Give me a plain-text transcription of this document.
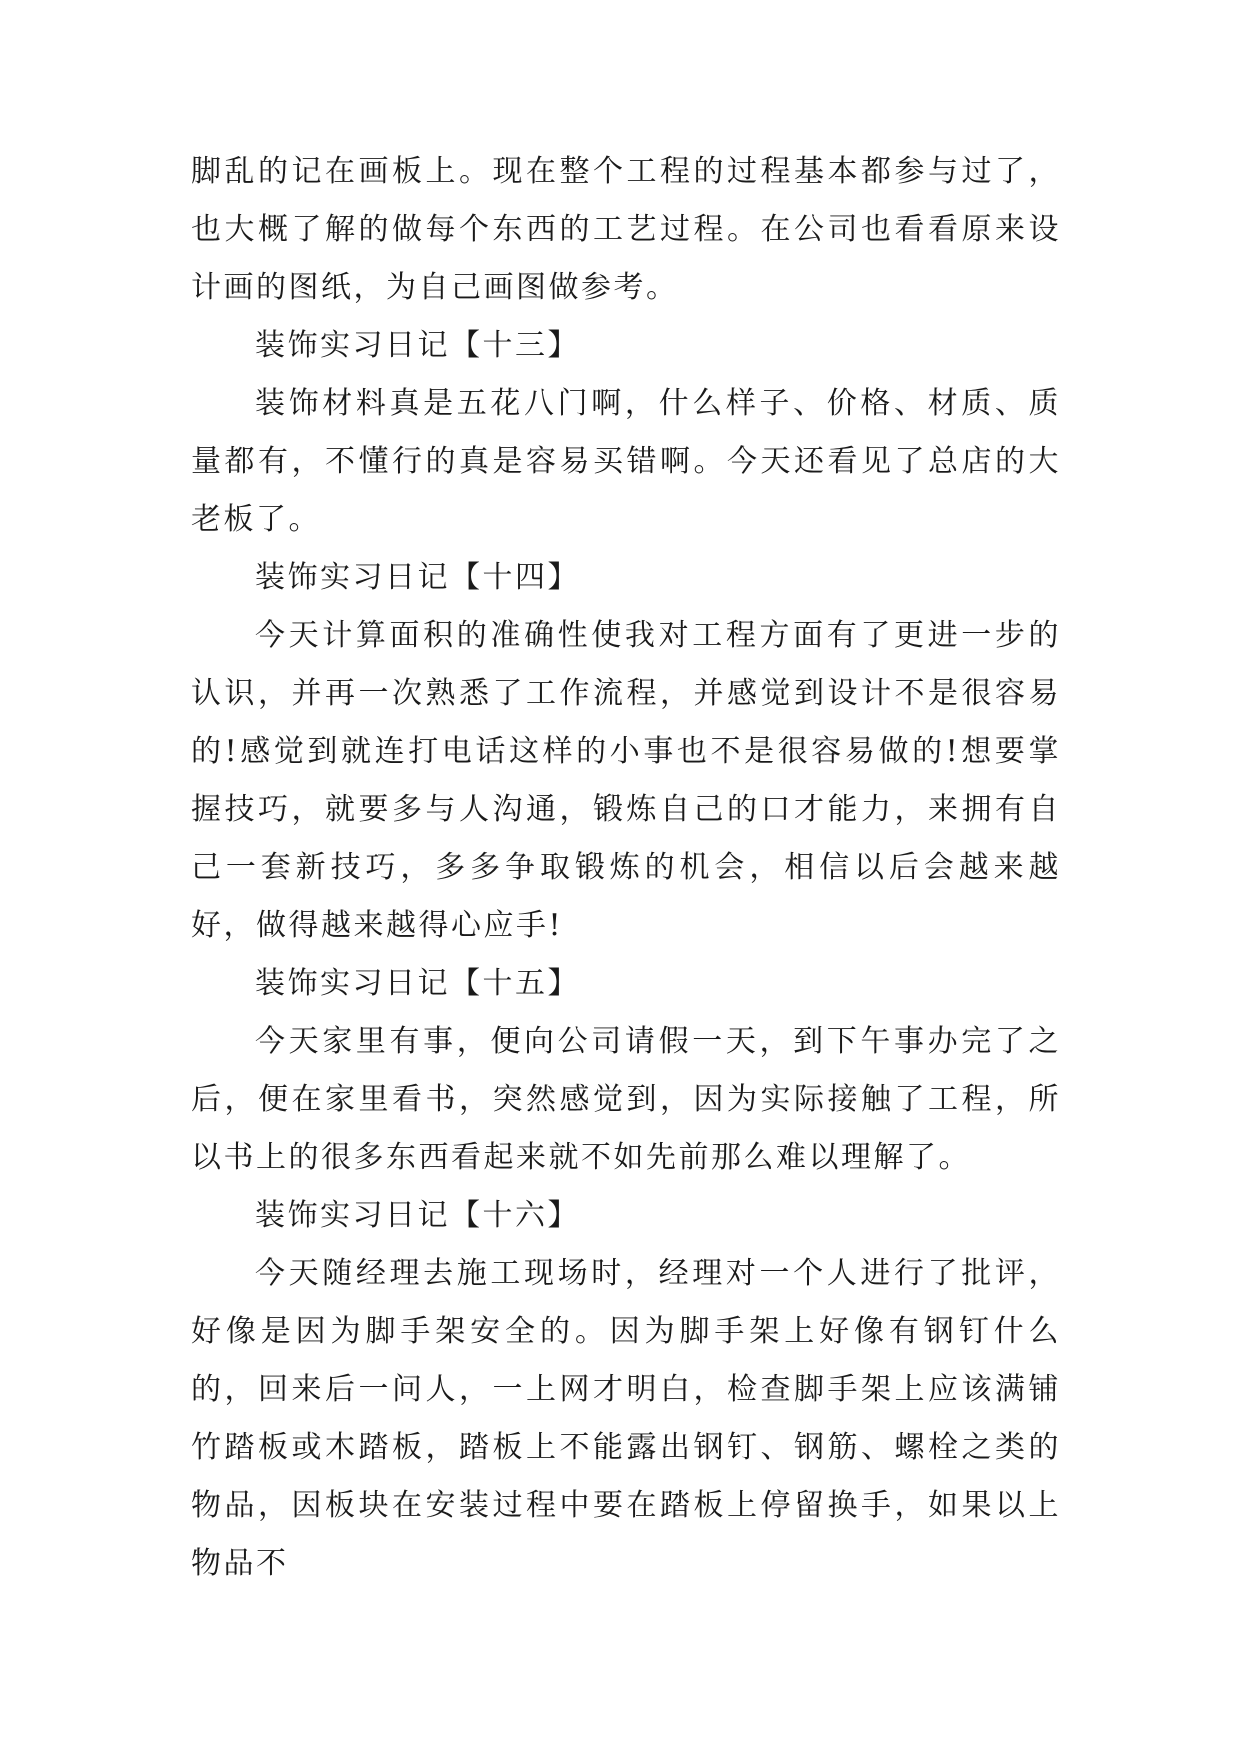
脚乱的记在画板上。现在整个工程的过程基本都参与过了，也大概了解的做每个东西的工艺过程。在公司也看看原来设计画的图纸，为自己画图做参考。

装饰实习日记【十三】

装饰材料真是五花八门啊，什么样子、价格、材质、质量都有，不懂行的真是容易买错啊。今天还看见了总店的大老板了。

装饰实习日记【十四】

今天计算面积的准确性使我对工程方面有了更进一步的认识，并再一次熟悉了工作流程，并感觉到设计不是很容易的!感觉到就连打电话这样的小事也不是很容易做的!想要掌握技巧，就要多与人沟通，锻炼自己的口才能力，来拥有自己一套新技巧，多多争取锻炼的机会，相信以后会越来越好，做得越来越得心应手!

装饰实习日记【十五】

今天家里有事，便向公司请假一天，到下午事办完了之后，便在家里看书，突然感觉到，因为实际接触了工程，所以书上的很多东西看起来就不如先前那么难以理解了。

装饰实习日记【十六】

今天随经理去施工现场时，经理对一个人进行了批评，好像是因为脚手架安全的。因为脚手架上好像有钢钉什么的，回来后一问人，一上网才明白，检查脚手架上应该满铺竹踏板或木踏板，踏板上不能露出钢钉、钢筋、螺栓之类的物品，因板块在安装过程中要在踏板上停留换手，如果以上物品不
